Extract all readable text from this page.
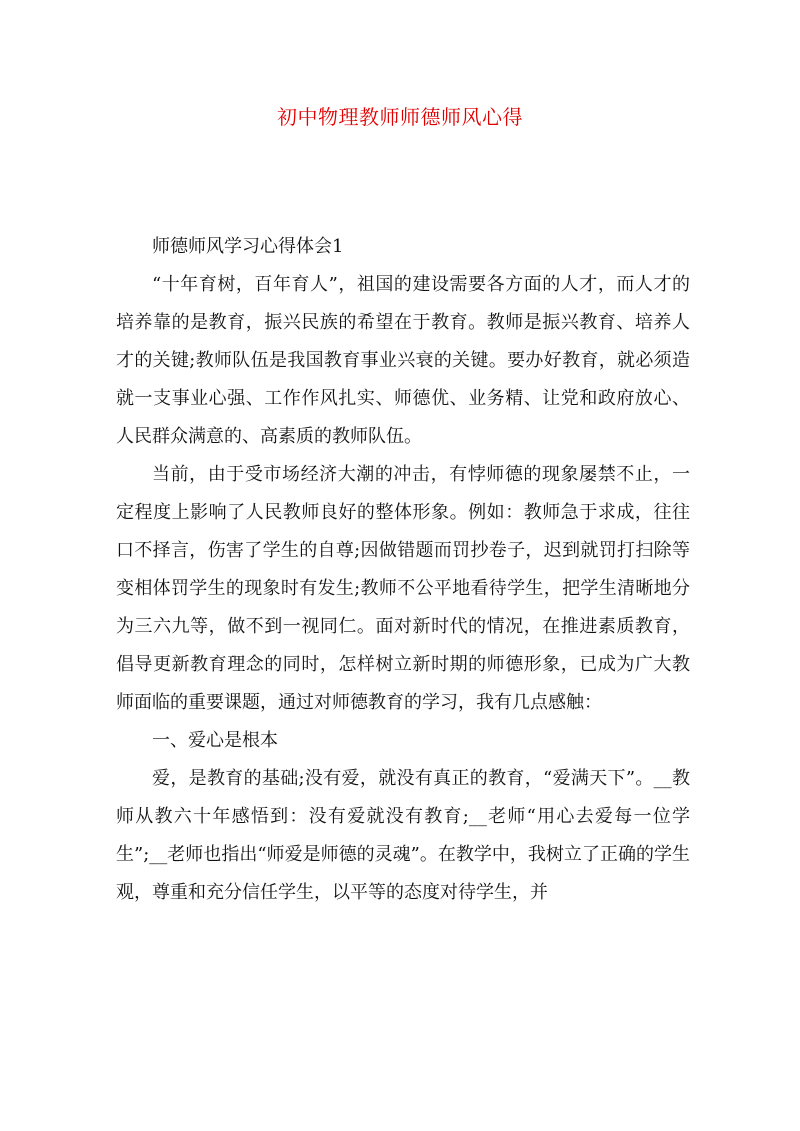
初中物理教师师德师风心得

师德师风学习心得体会1

“十年育树，百年育人”，祖国的建设需要各方面的人才，而人才的培养靠的是教育，振兴民族的希望在于教育。教师是振兴教育、培养人才的关键;教师队伍是我国教育事业兴衰的关键。要办好教育，就必须造就一支事业心强、工作作风扎实、师德优、业务精、让党和政府放心、人民群众满意的、高素质的教师队伍。

当前，由于受市场经济大潮的冲击，有悖师德的现象屡禁不止，一定程度上影响了人民教师良好的整体形象。例如：教师急于求成，往往口不择言，伤害了学生的自尊;因做错题而罚抄卷子，迟到就罚打扫除等变相体罚学生的现象时有发生;教师不公平地看待学生，把学生清晰地分为三六九等，做不到一视同仁。面对新时代的情况，在推进素质教育，倡导更新教育理念的同时，怎样树立新时期的师德形象，已成为广大教师面临的重要课题，通过对师德教育的学习，我有几点感触：

一、爱心是根本

爱，是教育的基础;没有爱，就没有真正的教育，“爱满天下”。__教师从教六十年感悟到：没有爱就没有教育;__老师“用心去爱每一位学生”;__老师也指出“师爱是师德的灵魂”。在教学中，我树立了正确的学生观，尊重和充分信任学生，以平等的态度对待学生，并
